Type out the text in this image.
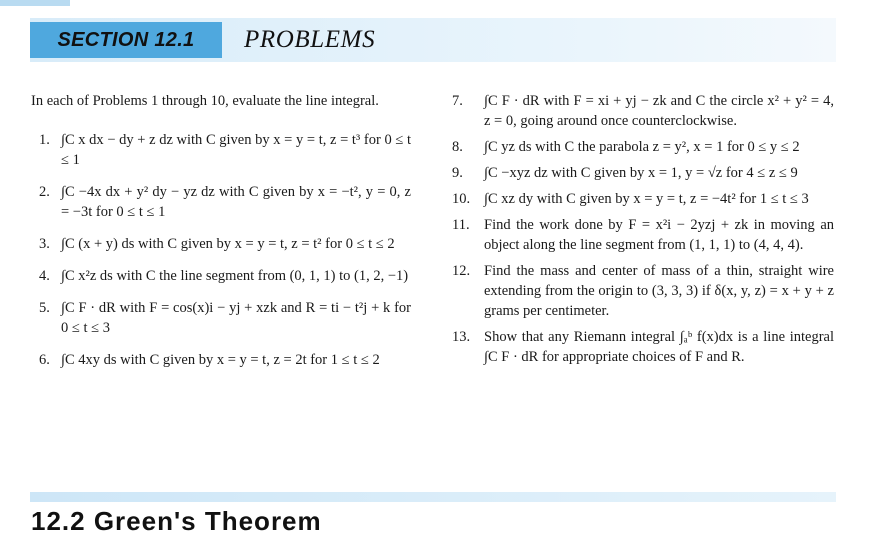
SECTION 12.1 PROBLEMS

In each of Problems 1 through 10, evaluate the line integral.

1. ∫C x dx − dy + z dz with C given by x = y = t, z = t³ for 0 ≤ t ≤ 1
2. ∫C −4x dx + y² dy − yz dz with C given by x = −t², y = 0, z = −3t for 0 ≤ t ≤ 1
3. ∫C (x + y) ds with C given by x = y = t, z = t² for 0 ≤ t ≤ 2
4. ∫C x²z ds with C the line segment from (0, 1, 1) to (1, 2, −1)
5. ∫C F · dR with F = cos(x)i − yj + xzk and R = ti − t²j + k for 0 ≤ t ≤ 3
6. ∫C 4xy ds with C given by x = y = t, z = 2t for 1 ≤ t ≤ 2
7. ∫C F · dR with F = xi + yj − zk and C the circle x² + y² = 4, z = 0, going around once counterclockwise.
8. ∫C yz ds with C the parabola z = y², x = 1 for 0 ≤ y ≤ 2
9. ∫C −xyz dz with C given by x = 1, y = √z for 4 ≤ z ≤ 9
10. ∫C xz dy with C given by x = y = t, z = −4t² for 1 ≤ t ≤ 3
11. Find the work done by F = x²i − 2yzj + zk in moving an object along the line segment from (1, 1, 1) to (4, 4, 4).
12. Find the mass and center of mass of a thin, straight wire extending from the origin to (3, 3, 3) if δ(x, y, z) = x + y + z grams per centimeter.
13. Show that any Riemann integral ∫ₐᵇ f(x)dx is a line integral ∫C F · dR for appropriate choices of F and R.
12.2 Green's Theorem
